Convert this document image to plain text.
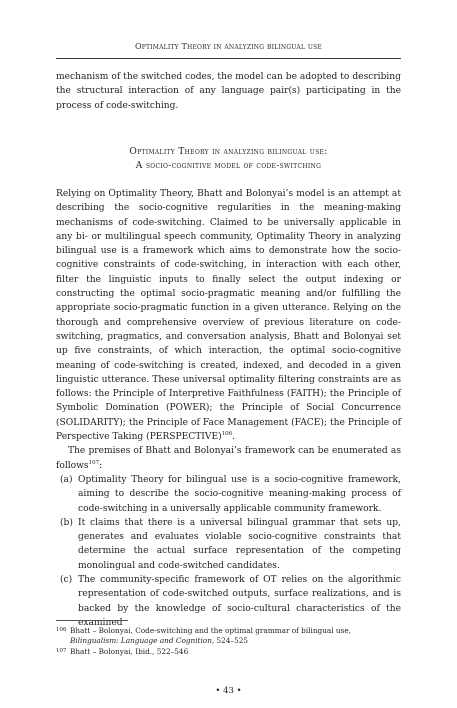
Optimality Theory in analyzing bilingual use

mechanism of the switched codes, the model can be adopted to describing the structural interaction of any language pair(s) participating in the process of code-switching.

Optimality Theory in analyzing bilingual use:
A socio-cognitive model of code-switching

Relying on Optimality Theory, Bhatt and Bolonyai’s model is an attempt at describing the socio-cognitive regularities in the meaning-making mechanisms of code-switching. Claimed to be universally applicable in any bi- or multilingual speech community, Optimality Theory in analyzing bilingual use is a framework which aims to demonstrate how the socio-cognitive constraints of code-switching, in interaction with each other, filter the linguistic inputs to finally select the output indexing or constructing the optimal socio-pragmatic meaning and/or fulfilling the appropriate socio-pragmatic function in a given utterance. Relying on the thorough and comprehensive overview of previous literature on code-switching, pragmatics, and conversation analysis, Bhatt and Bolonyai set up five constraints, of which interaction, the optimal socio-cognitive meaning of code-switching is created, indexed, and decoded in a given linguistic utterance. These universal optimality filtering constraints are as follows: the Principle of Interpretive Faithfulness (FAITH); the Principle of Symbolic Domination (POWER); the Principle of Social Concurrence (SOLIDARITY); the Principle of Face Management (FACE); the Principle of Perspective Taking (PERSPECTIVE)$^{106}$.

The premises of Bhatt and Bolonyai’s framework can be enumerated as follows$^{107}$:

(a) Optimality Theory for bilingual use is a socio-cognitive framework, aiming to describe the socio-cognitive meaning-making process of code-switching in a universally applicable community framework.
(b) It claims that there is a universal bilingual grammar that sets up, generates and evaluates violable socio-cognitive constraints that determine the actual surface representation of the competing monolingual and code-switched candidates.
(c) The community-specific framework of OT relies on the algorithmic representation of code-switched outputs, surface realizations, and is backed by the knowledge of socio-cultural characteristics of the examined
106 Bhatt – Bolonyai, Code-switching and the optimal grammar of bilingual use, Bilingualism: Language and Cognition, 524–525
107 Bhatt – Bolonyai, Ibid., 522–546
• 43 •
